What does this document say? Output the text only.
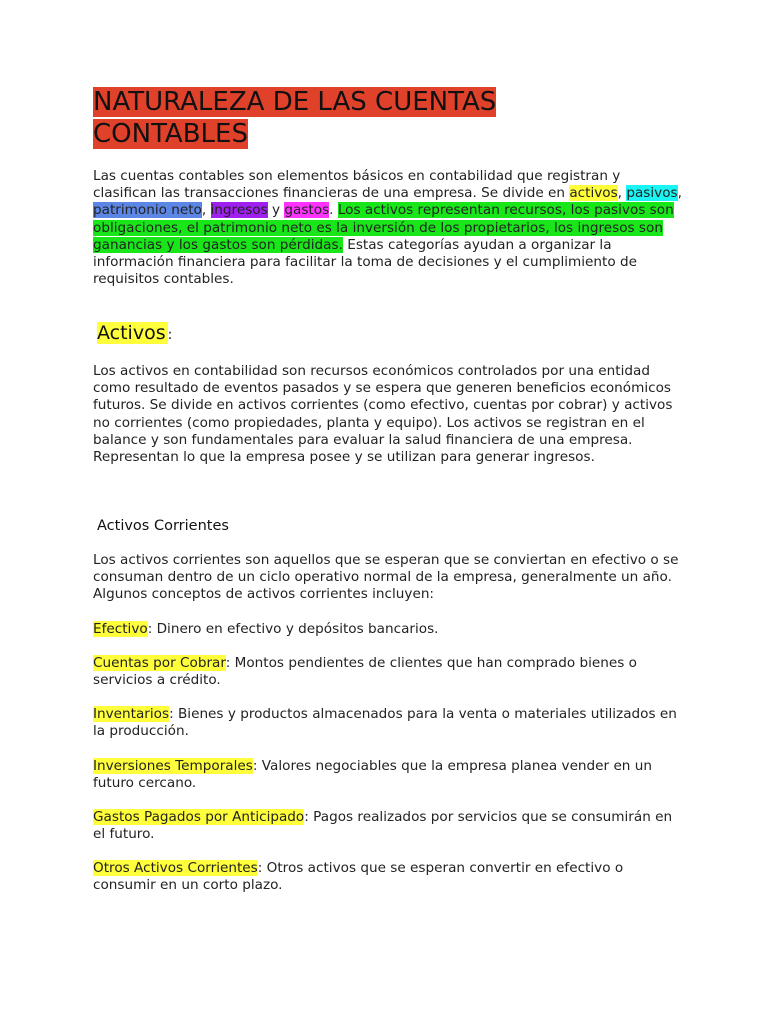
NATURALEZA DE LAS CUENTAS CONTABLES
Las cuentas contables son elementos básicos en contabilidad que registran y clasifican las transacciones financieras de una empresa. Se divide en activos, pasivos, patrimonio neto, ingresos y gastos. Los activos representan recursos, los pasivos son obligaciones, el patrimonio neto es la inversión de los propietarios, los ingresos son ganancias y los gastos son pérdidas. Estas categorías ayudan a organizar la información financiera para facilitar la toma de decisiones y el cumplimiento de requisitos contables.
Activos :
Los activos en contabilidad son recursos económicos controlados por una entidad como resultado de eventos pasados y se espera que generen beneficios económicos futuros. Se divide en activos corrientes (como efectivo, cuentas por cobrar) y activos no corrientes (como propiedades, planta y equipo). Los activos se registran en el balance y son fundamentales para evaluar la salud financiera de una empresa. Representan lo que la empresa posee y se utilizan para generar ingresos.
Activos Corrientes
Los activos corrientes son aquellos que se esperan que se conviertan en efectivo o se consuman dentro de un ciclo operativo normal de la empresa, generalmente un año. Algunos conceptos de activos corrientes incluyen:
Efectivo: Dinero en efectivo y depósitos bancarios.
Cuentas por Cobrar: Montos pendientes de clientes que han comprado bienes o servicios a crédito.
Inventarios: Bienes y productos almacenados para la venta o materiales utilizados en la producción.
Inversiones Temporales: Valores negociables que la empresa planea vender en un futuro cercano.
Gastos Pagados por Anticipado: Pagos realizados por servicios que se consumirán en el futuro.
Otros Activos Corrientes: Otros activos que se esperan convertir en efectivo o consumir en un corto plazo.
